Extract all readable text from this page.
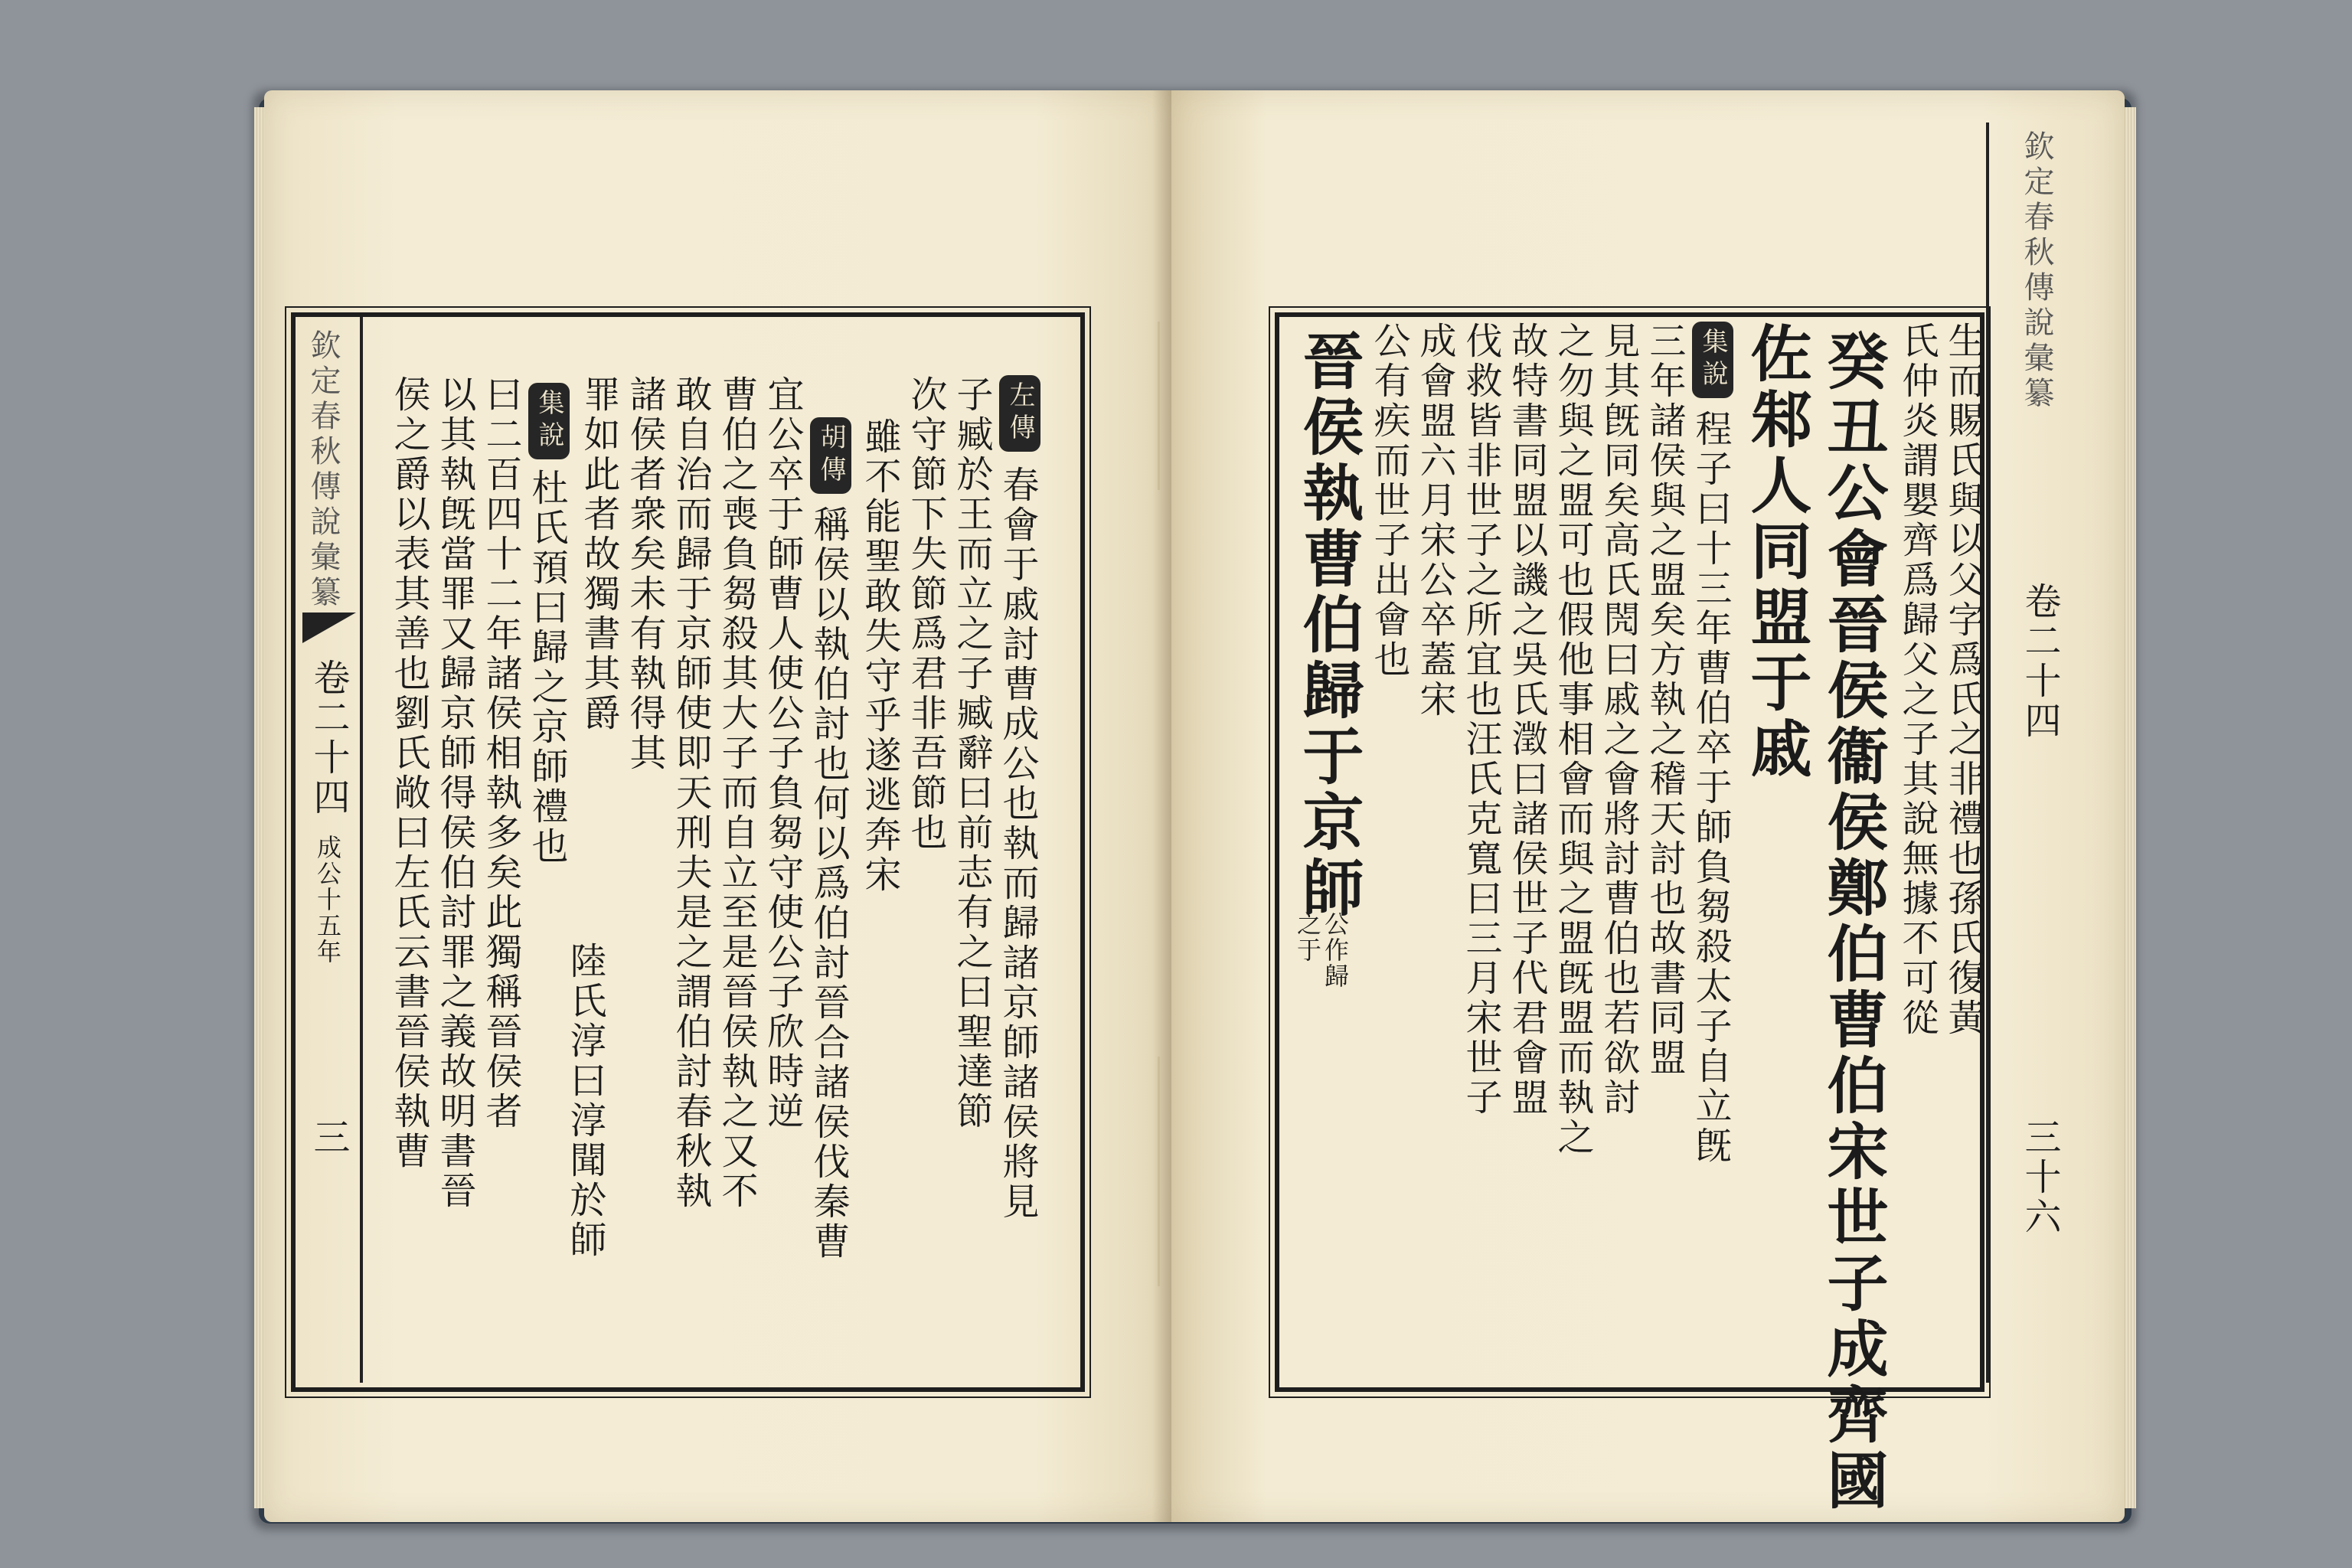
欽定春秋傳說彙纂
卷二十四
成公十五年
三
左傳
胡傳
集說
春會于戚討曹成公也執而歸諸京師諸侯將見
子臧於王而立之子臧辭曰前志有之曰聖達節
次守節下失節爲君非吾節也
雖不能聖敢失守乎遂逃奔宋
稱侯以執伯討也何以爲伯討晉合諸侯伐秦曹
宜公卒于師曹人使公子負芻守使公子欣時逆
曹伯之喪負芻殺其大子而自立至是晉侯執之又不
敢自治而歸于京師使即天刑夫是之謂伯討春秋執
諸侯者衆矣未有執得其
罪如此者故獨書其爵
杜氏預曰歸之京師禮也
陸氏淳曰淳聞於師
曰二百四十二年諸侯相執多矣此獨稱晉侯者
以其執旣當罪又歸京師得侯伯討罪之義故明書晉
侯之爵以表其善也劉氏敞曰左氏云書晉侯執曹
欽定春秋傳說彙纂
卷二十四
三十六
生而賜氏與以父字爲氏之非禮也孫氏復黃
氏仲炎謂嬰齊爲歸父之子其說無據不可從
癸丑公會晉侯衞侯鄭伯曹伯宋世子成齊國
佐邾人同盟于戚
集說
程子曰十三年曹伯卒于師負芻殺太子自立旣
三年諸侯與之盟矣方執之稽天討也故書同盟
見其旣同矣高氏閌曰戚之會將討曹伯也若欲討
之勿與之盟可也假他事相會而與之盟旣盟而執之
故特書同盟以譏之吳氏澂曰諸侯世子代君會盟
伐救皆非世子之所宜也汪氏克寬曰三月宋世子
成會盟六月宋公卒蓋宋
公有疾而世子出會也
晉侯執曹伯歸于京師
公作歸
之于
